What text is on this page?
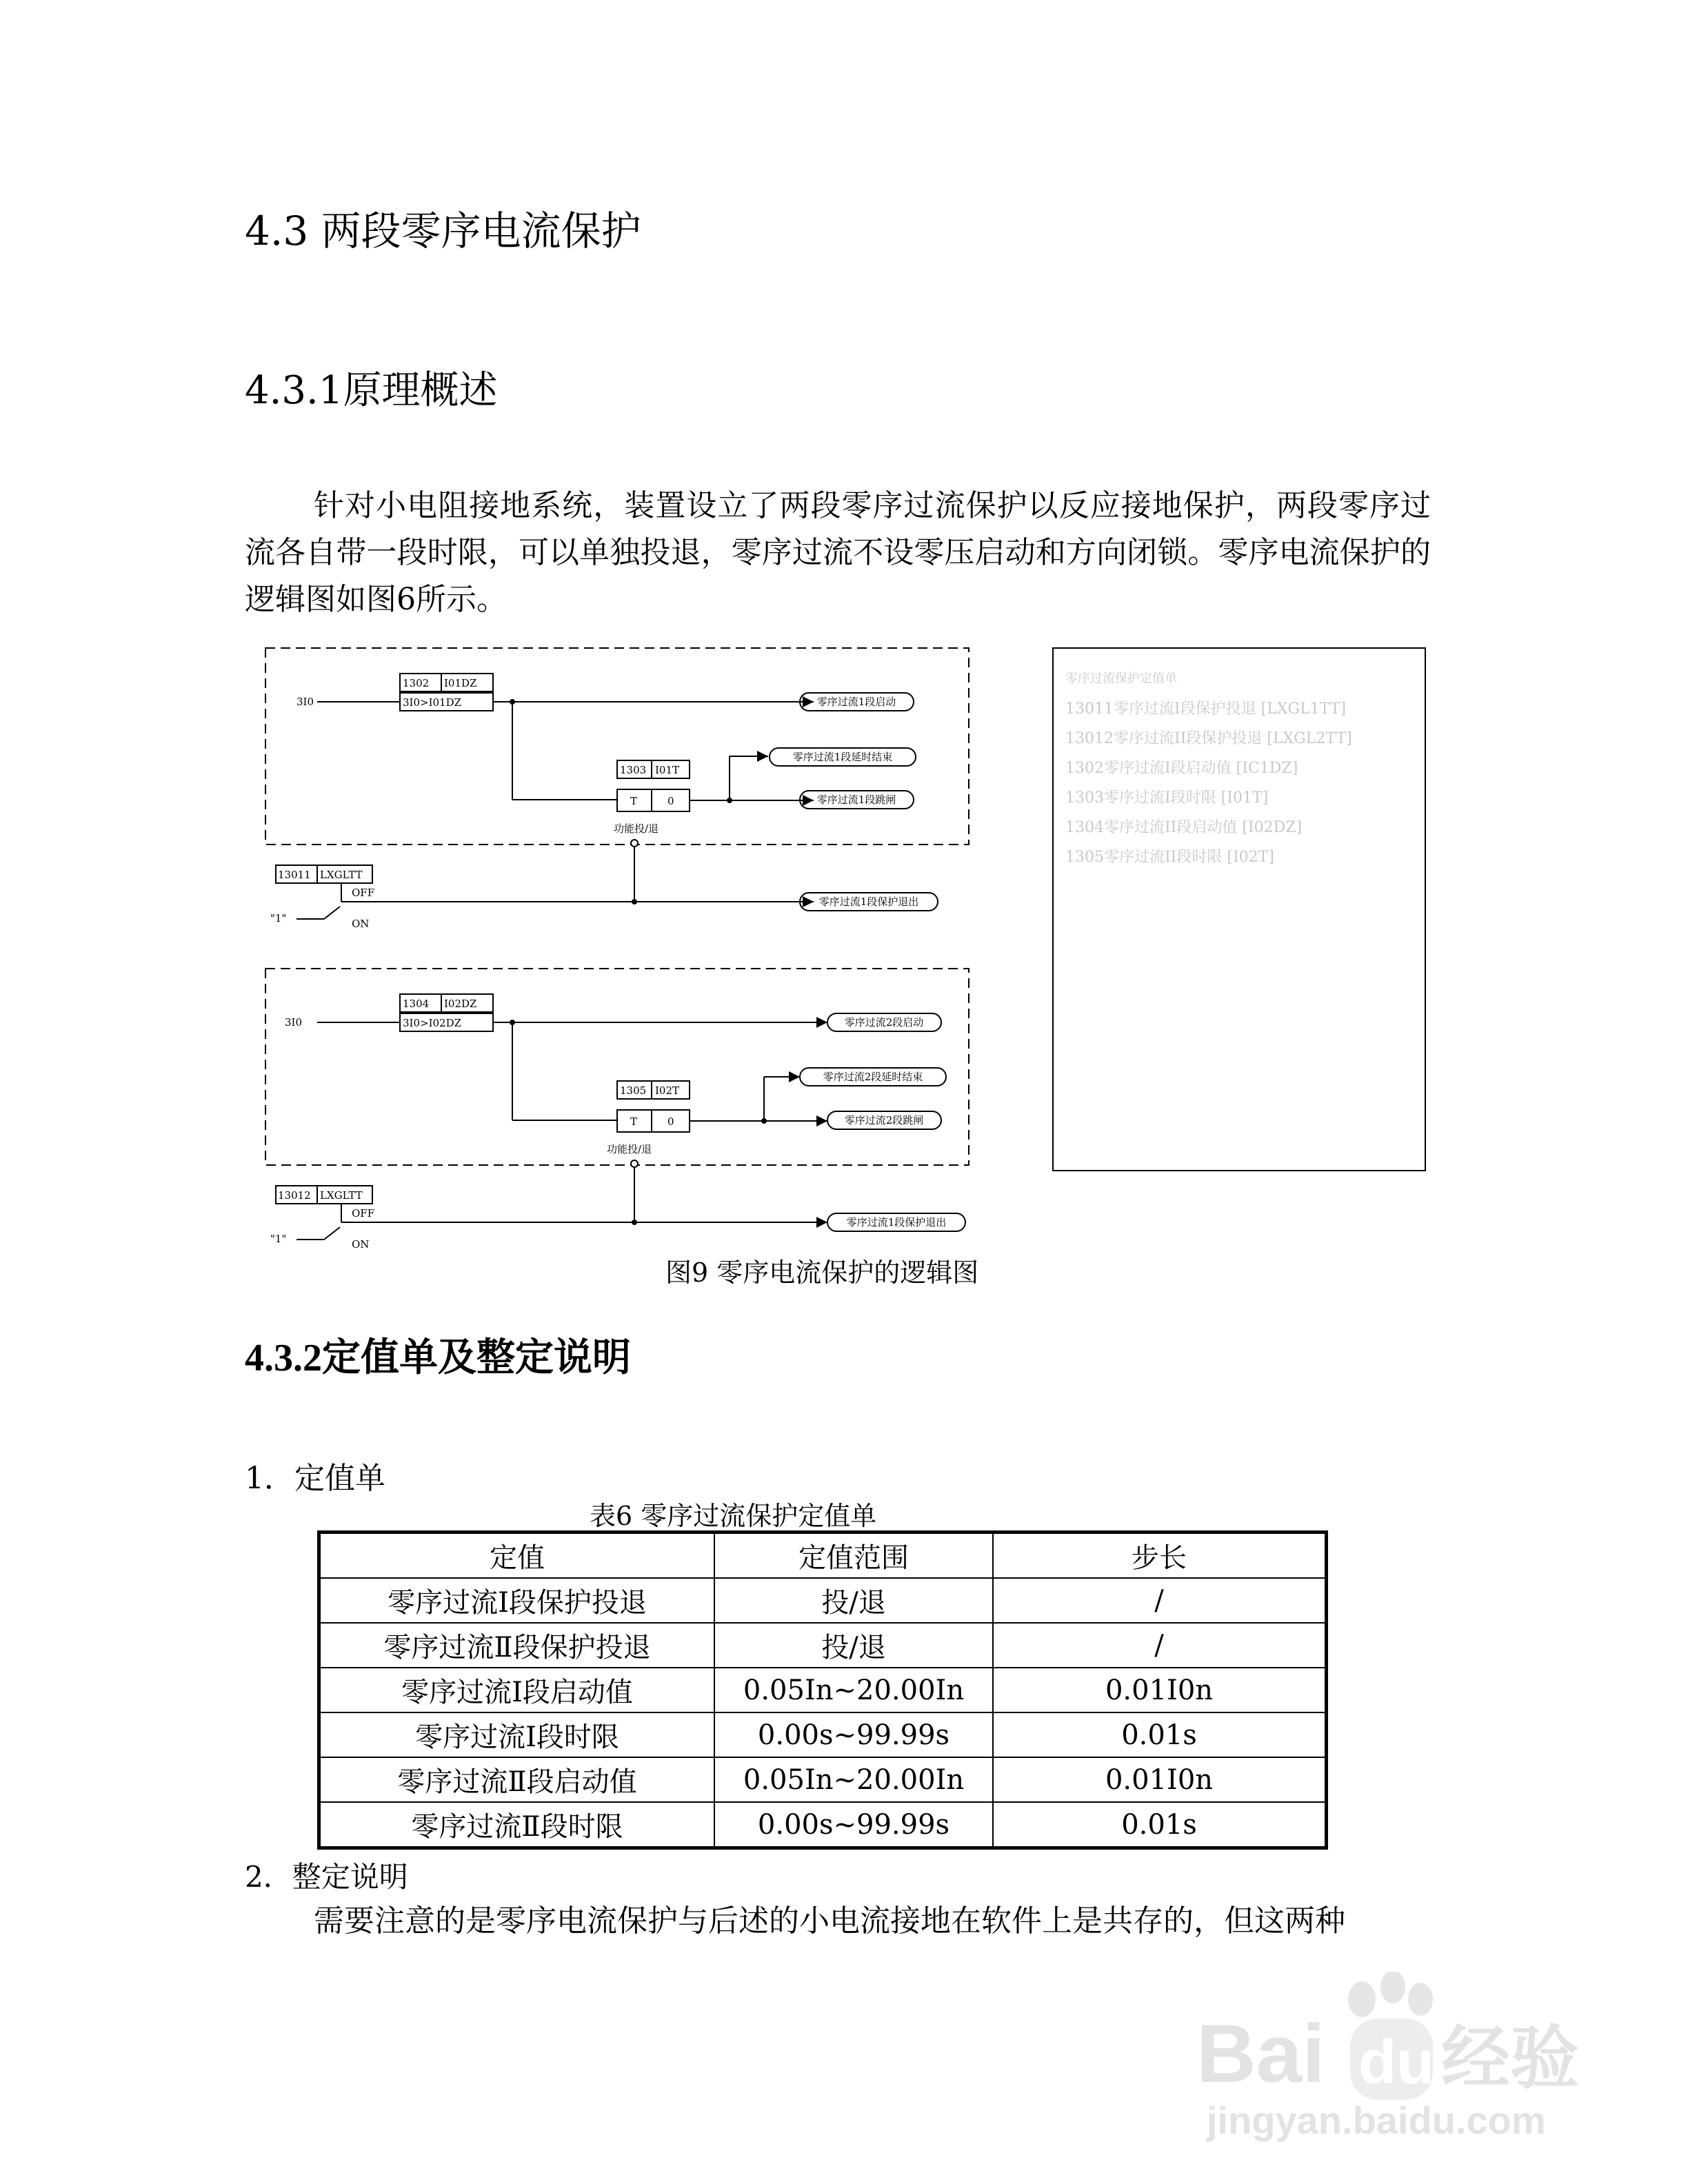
4.3 两段零序电流保护
4.3.1原理概述
针对小电阻接地系统，装置设立了两段零序过流保护以反应接地保护，两段零序过流各自带一段时限，可以单独投退，零序过流不设零压启动和方向闭锁。零序电流保护的逻辑图如图6所示。
3I0
1302 I01DZ
3I0>I01DZ
1303 I01T
T	0
零序过流1段启动
零序过流1段延时结束
零序过流1段跳闸
功能投/退
13011 LXGLTT
OFF
ON
"1"
零序过流1段保护退出
3I0
1304 I02DZ
3I0>I02DZ
1305 I02T
T	0
零序过流2段启动
零序过流2段延时结束
零序过流2段跳闸
功能投/退
13012 LXGLTT
OFF
ON
"1"
零序过流1段保护退出
零序过流保护定值单
13011零序过流I段保护投退 [LXGL1TT]
13012零序过流II段保护投退 [LXGL2TT]
1302零序过流I段启动值 [IC1DZ]
1303零序过流I段时限 [I01T]
1304零序过流II段启动值 [I02DZ]
1305零序过流II段时限 [I02T]
图9 零序电流保护的逻辑图
4.3.2定值单及整定说明
1．定值单
表6 零序过流保护定值单
定值	定值范围	步长
零序过流Ⅰ段保护投退	投/退	/
零序过流Ⅱ段保护投退	投/退	/
零序过流Ⅰ段启动值	0.05In~20.00In	0.01I0n
零序过流Ⅰ段时限	0.00s~99.99s	0.01s
零序过流Ⅱ段启动值	0.05In~20.00In	0.01I0n
零序过流Ⅱ段时限	0.00s~99.99s	0.01s
2．整定说明
需要注意的是零序电流保护与后述的小电流接地在软件上是共存的，但这两种
Bai du 经验
jingyan.baidu.com
